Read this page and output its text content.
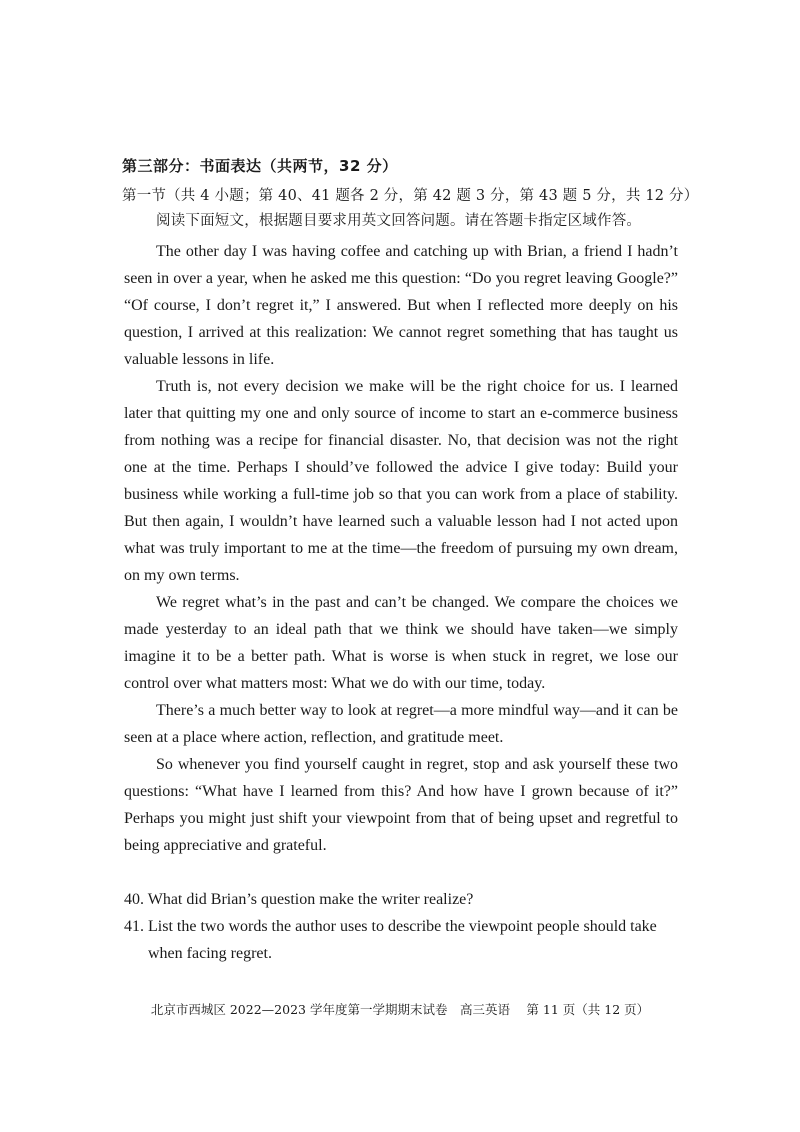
第三部分：书面表达（共两节，32 分）
第一节（共 4 小题；第 40、41 题各 2 分，第 42 题 3 分，第 43 题 5 分，共 12 分）
阅读下面短文，根据题目要求用英文回答问题。请在答题卡指定区域作答。

The other day I was having coffee and catching up with Brian, a friend I hadn’t seen in over a year, when he asked me this question: “Do you regret leaving Google?” “Of course, I don’t regret it,” I answered. But when I reflected more deeply on his question, I arrived at this realization: We cannot regret something that has taught us valuable lessons in life.

Truth is, not every decision we make will be the right choice for us. I learned later that quitting my one and only source of income to start an e-commerce business from nothing was a recipe for financial disaster. No, that decision was not the right one at the time. Perhaps I should’ve followed the advice I give today: Build your business while working a full-time job so that you can work from a place of stability. But then again, I wouldn’t have learned such a valuable lesson had I not acted upon what was truly important to me at the time—the freedom of pursuing my own dream, on my own terms.

We regret what’s in the past and can’t be changed. We compare the choices we made yesterday to an ideal path that we think we should have taken—we simply imagine it to be a better path. What is worse is when stuck in regret, we lose our control over what matters most: What we do with our time, today.

There’s a much better way to look at regret—a more mindful way—and it can be seen at a place where action, reflection, and gratitude meet.

So whenever you find yourself caught in regret, stop and ask yourself these two questions: “What have I learned from this? And how have I grown because of it?” Perhaps you might just shift your viewpoint from that of being upset and regretful to being appreciative and grateful.

40. What did Brian’s question make the writer realize?

41. List the two words the author uses to describe the viewpoint people should take when facing regret.

北京市西城区 2022—2023 学年度第一学期期末试卷　高三英语　 第 11 页（共 12 页）
